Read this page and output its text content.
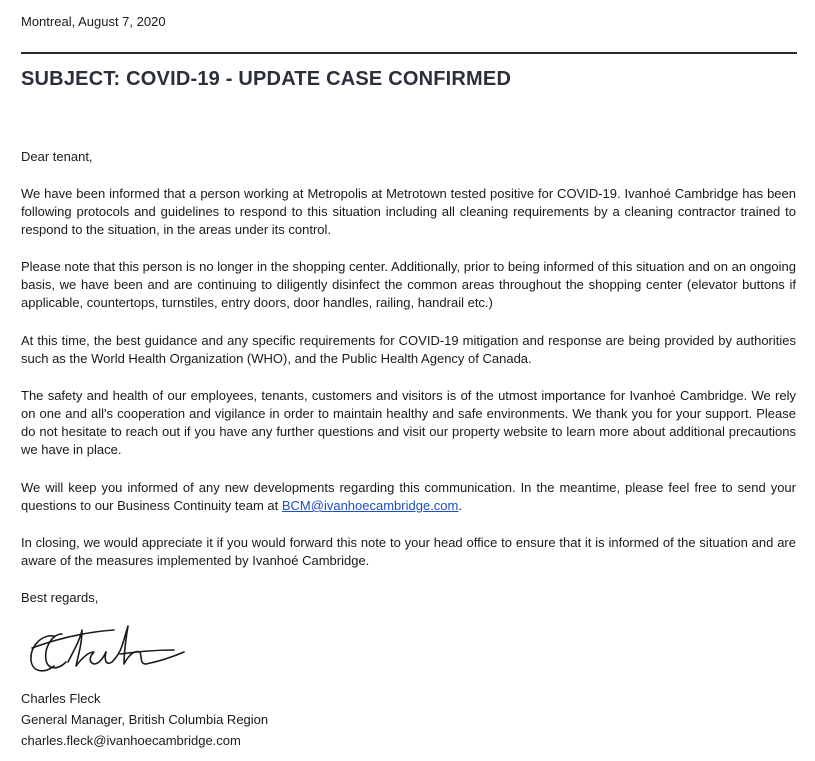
Montreal, August 7, 2020
SUBJECT: COVID-19 - UPDATE CASE CONFIRMED

Dear tenant,

We have been informed that a person working at Metropolis at Metrotown tested positive for COVID-19. Ivanhoé Cambridge has been following protocols and guidelines to respond to this situation including all cleaning requirements by a cleaning contractor trained to respond to the situation, in the areas under its control.

Please note that this person is no longer in the shopping center. Additionally, prior to being informed of this situation and on an ongoing basis, we have been and are continuing to diligently disinfect the common areas throughout the shopping center (elevator buttons if applicable, countertops, turnstiles, entry doors, door handles, railing, handrail etc.)

At this time, the best guidance and any specific requirements for COVID-19 mitigation and response are being provided by authorities such as the World Health Organization (WHO), and the Public Health Agency of Canada.

The safety and health of our employees, tenants, customers and visitors is of the utmost importance for Ivanhoé Cambridge. We rely on one and all's cooperation and vigilance in order to maintain healthy and safe environments. We thank you for your support. Please do not hesitate to reach out if you have any further questions and visit our property website to learn more about additional precautions we have in place.

We will keep you informed of any new developments regarding this communication. In the meantime, please feel free to send your questions to our Business Continuity team at BCM@ivanhoecambridge.com.

In closing, we would appreciate it if you would forward this note to your head office to ensure that it is informed of the situation and are aware of the measures implemented by Ivanhoé Cambridge.

Best regards,

Charles Fleck
General Manager, British Columbia Region
charles.fleck@ivanhoecambridge.com
